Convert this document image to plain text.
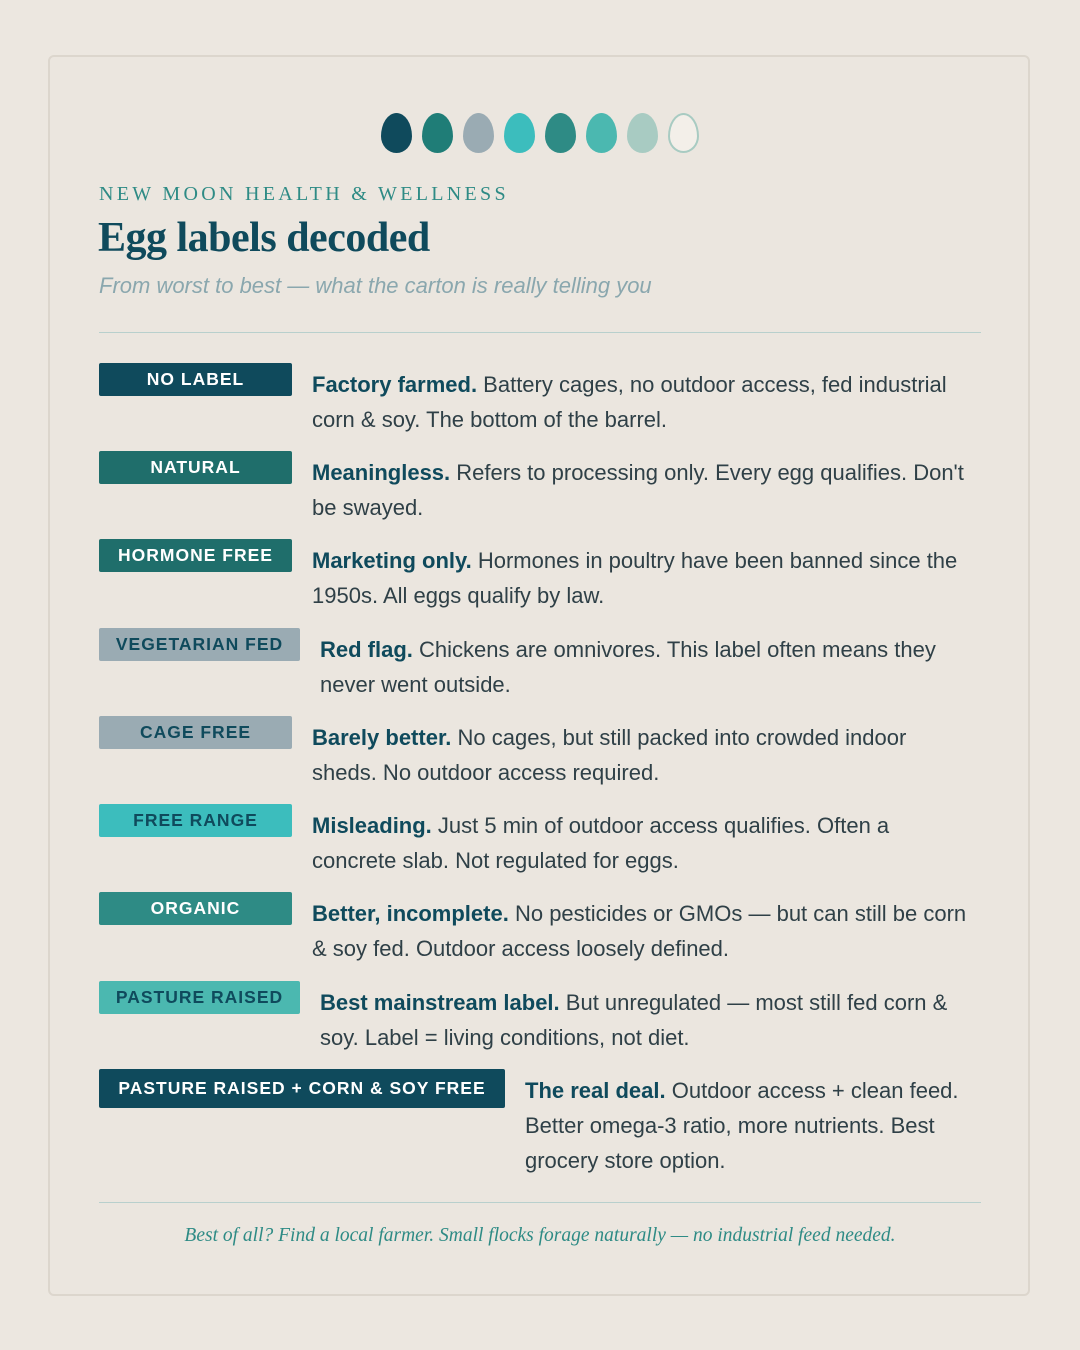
NEW MOON HEALTH & WELLNESS
Egg labels decoded
From worst to best — what the carton is really telling you
NO LABEL	Factory farmed. Battery cages, no outdoor access, fed industrial corn & soy. The bottom of the barrel.
NATURAL	Meaningless. Refers to processing only. Every egg qualifies. Don't be swayed.
HORMONE FREE	Marketing only. Hormones in poultry have been banned since the 1950s. All eggs qualify by law.
VEGETARIAN FED	Red flag. Chickens are omnivores. This label often means they never went outside.
CAGE FREE	Barely better. No cages, but still packed into crowded indoor sheds. No outdoor access required.
FREE RANGE	Misleading. Just 5 min of outdoor access qualifies. Often a concrete slab. Not regulated for eggs.
ORGANIC	Better, incomplete. No pesticides or GMOs — but can still be corn & soy fed. Outdoor access loosely defined.
PASTURE RAISED	Best mainstream label. But unregulated — most still fed corn & soy. Label = living conditions, not diet.
PASTURE RAISED + CORN & SOY FREE	The real deal. Outdoor access + clean feed. Better omega-3 ratio, more nutrients. Best grocery store option.
Best of all? Find a local farmer. Small flocks forage naturally — no industrial feed needed.
